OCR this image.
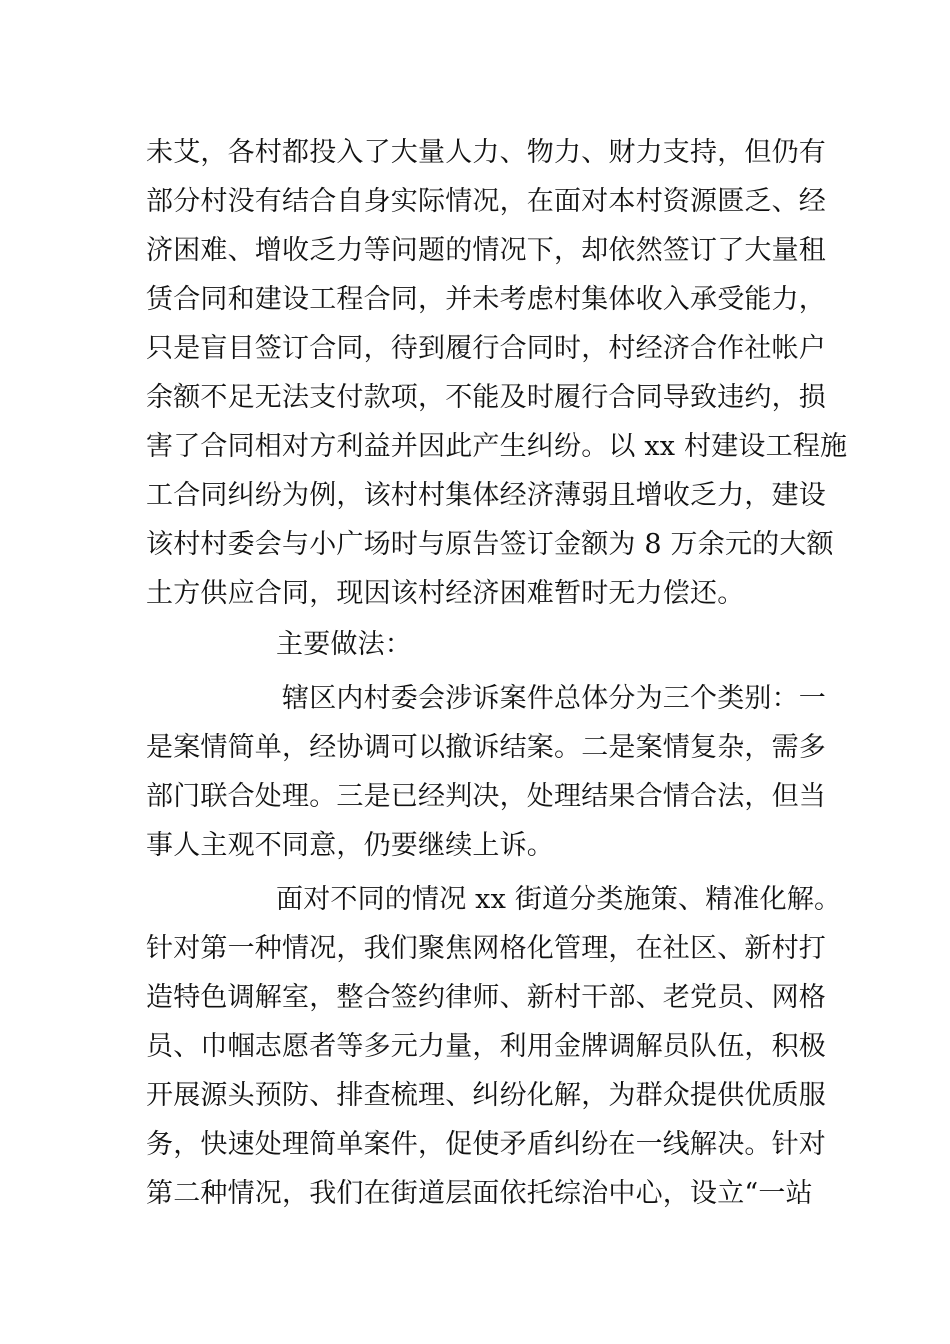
未艾，各村都投入了大量人力、物力、财力支持，但仍有
部分村没有结合自身实际情况，在面对本村资源匮乏、经
济困难、增收乏力等问题的情况下，却依然签订了大量租
赁合同和建设工程合同，并未考虑村集体收入承受能力，
只是盲目签订合同，待到履行合同时，村经济合作社帐户
余额不足无法支付款项，不能及时履行合同导致违约，损
害了合同相对方利益并因此产生纠纷。以 xx 村建设工程施
工合同纠纷为例，该村村集体经济薄弱且增收乏力，建设
该村村委会与小广场时与原告签订金额为 8 万余元的大额
土方供应合同，现因该村经济困难暂时无力偿还。
主要做法：
辖区内村委会涉诉案件总体分为三个类别：一
是案情简单，经协调可以撤诉结案。二是案情复杂，需多
部门联合处理。三是已经判决，处理结果合情合法，但当
事人主观不同意，仍要继续上诉。
面对不同的情况 xx 街道分类施策、精准化解。
针对第一种情况，我们聚焦网格化管理，在社区、新村打
造特色调解室，整合签约律师、新村干部、老党员、网格
员、巾帼志愿者等多元力量，利用金牌调解员队伍，积极
开展源头预防、排查梳理、纠纷化解，为群众提供优质服
务，快速处理简单案件，促使矛盾纠纷在一线解决。针对
第二种情况，我们在街道层面依托综治中心，设立“一站
